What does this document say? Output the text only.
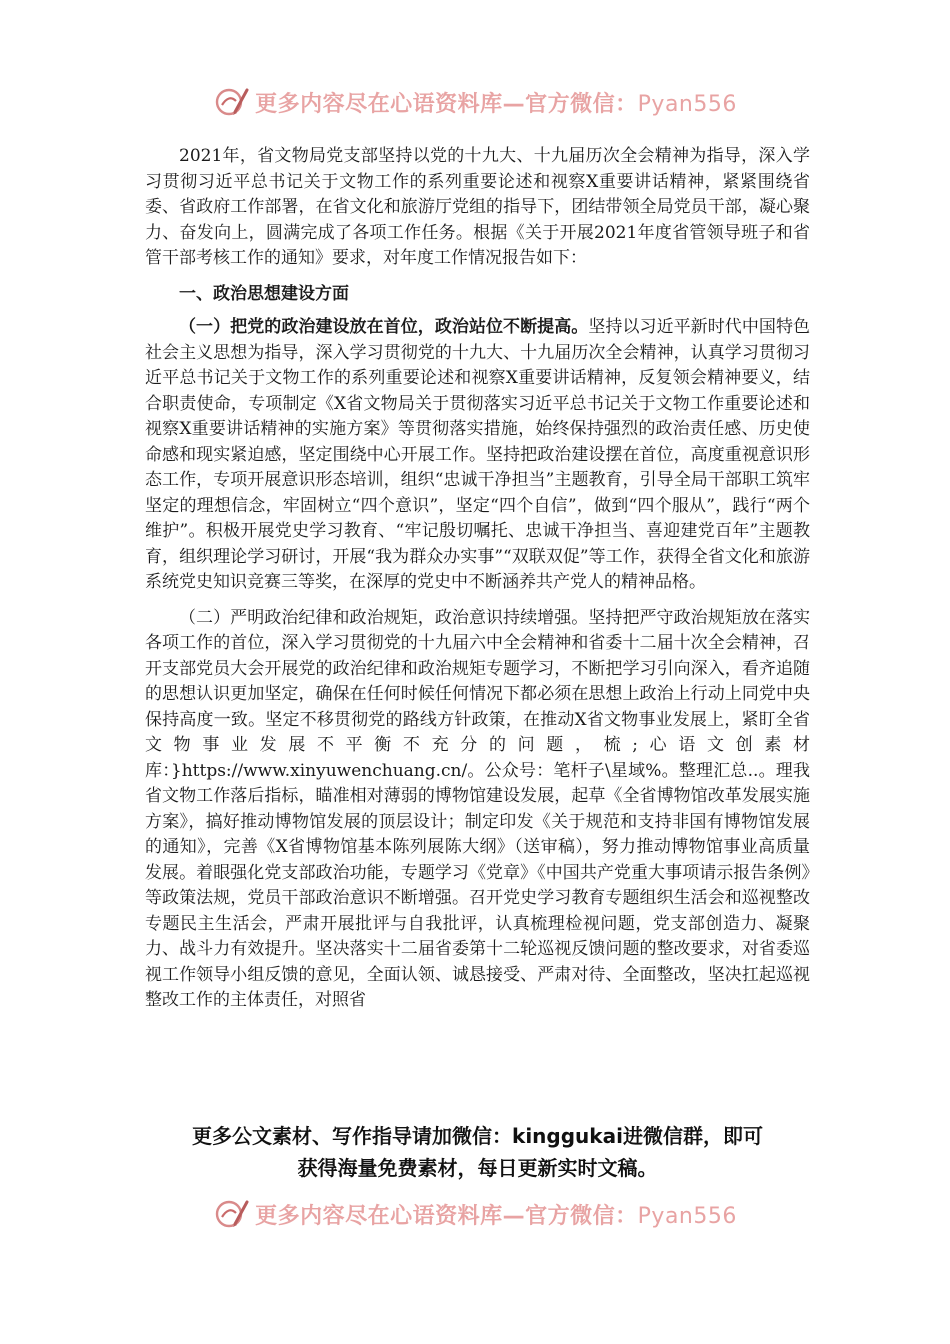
更多内容尽在心语资料库—官方微信：Pyan556

2021年，省文物局党支部坚持以党的十九大、十九届历次全会精神为指导，深入学习贯彻习近平总书记关于文物工作的系列重要论述和视察X重要讲话精神，紧紧围绕省委、省政府工作部署，在省文化和旅游厅党组的指导下，团结带领全局党员干部，凝心聚力、奋发向上，圆满完成了各项工作任务。根据《关于开展2021年度省管领导班子和省管干部考核工作的通知》要求，对年度工作情况报告如下：

一、政治思想建设方面

（一）把党的政治建设放在首位，政治站位不断提高。坚持以习近平新时代中国特色社会主义思想为指导，深入学习贯彻党的十九大、十九届历次全会精神，认真学习贯彻习近平总书记关于文物工作的系列重要论述和视察X重要讲话精神，反复领会精神要义，结合职责使命，专项制定《X省文物局关于贯彻落实习近平总书记关于文物工作重要论述和视察X重要讲话精神的实施方案》等贯彻落实措施，始终保持强烈的政治责任感、历史使命感和现实紧迫感，坚定围绕中心开展工作。坚持把政治建设摆在首位，高度重视意识形态工作，专项开展意识形态培训，组织“忠诚干净担当”主题教育，引导全局干部职工筑牢坚定的理想信念，牢固树立“四个意识”，坚定“四个自信”，做到“四个服从”，践行“两个维护”。积极开展党史学习教育、“牢记殷切嘱托、忠诚干净担当、喜迎建党百年”主题教育，组织理论学习研讨，开展“我为群众办实事”“双联双促”等工作，获得全省文化和旅游系统党史知识竞赛三等奖，在深厚的党史中不断涵养共产党人的精神品格。

（二）严明政治纪律和政治规矩，政治意识持续增强。坚持把严守政治规矩放在落实各项工作的首位，深入学习贯彻党的十九届六中全会精神和省委十二届十次全会精神，召开支部党员大会开展党的政治纪律和政治规矩专题学习，不断把学习引向深入，看齐追随的思想认识更加坚定，确保在任何时候任何情况下都必须在思想上政治上行动上同党中央保持高度一致。坚定不移贯彻党的路线方针政策，在推动X省文物事业发展上，紧盯全省文物事业发展不平衡不充分的问题，梳;心语文创素材库：}https://www.xinyuwenchuang.cn/。公众号：笔杆子\星域%。整理汇总..。理我省文物工作落后指标，瞄准相对薄弱的博物馆建设发展，起草《全省博物馆改革发展实施方案》，搞好推动博物馆发展的顶层设计；制定印发《关于规范和支持非国有博物馆发展的通知》，完善《X省博物馆基本陈列展陈大纲》（送审稿），努力推动博物馆事业高质量发展。着眼强化党支部政治功能，专题学习《党章》《中国共产党重大事项请示报告条例》等政策法规，党员干部政治意识不断增强。召开党史学习教育专题组织生活会和巡视整改专题民主生活会，严肃开展批评与自我批评，认真梳理检视问题，党支部创造力、凝聚力、战斗力有效提升。坚决落实十二届省委第十二轮巡视反馈问题的整改要求，对省委巡视工作领导小组反馈的意见，全面认领、诚恳接受、严肃对待、全面整改，坚决扛起巡视整改工作的主体责任，对照省

更多公文素材、写作指导请加微信：kinggukai进微信群，即可
获得海量免费素材，每日更新实时文稿。
更多内容尽在心语资料库—官方微信：Pyan556
